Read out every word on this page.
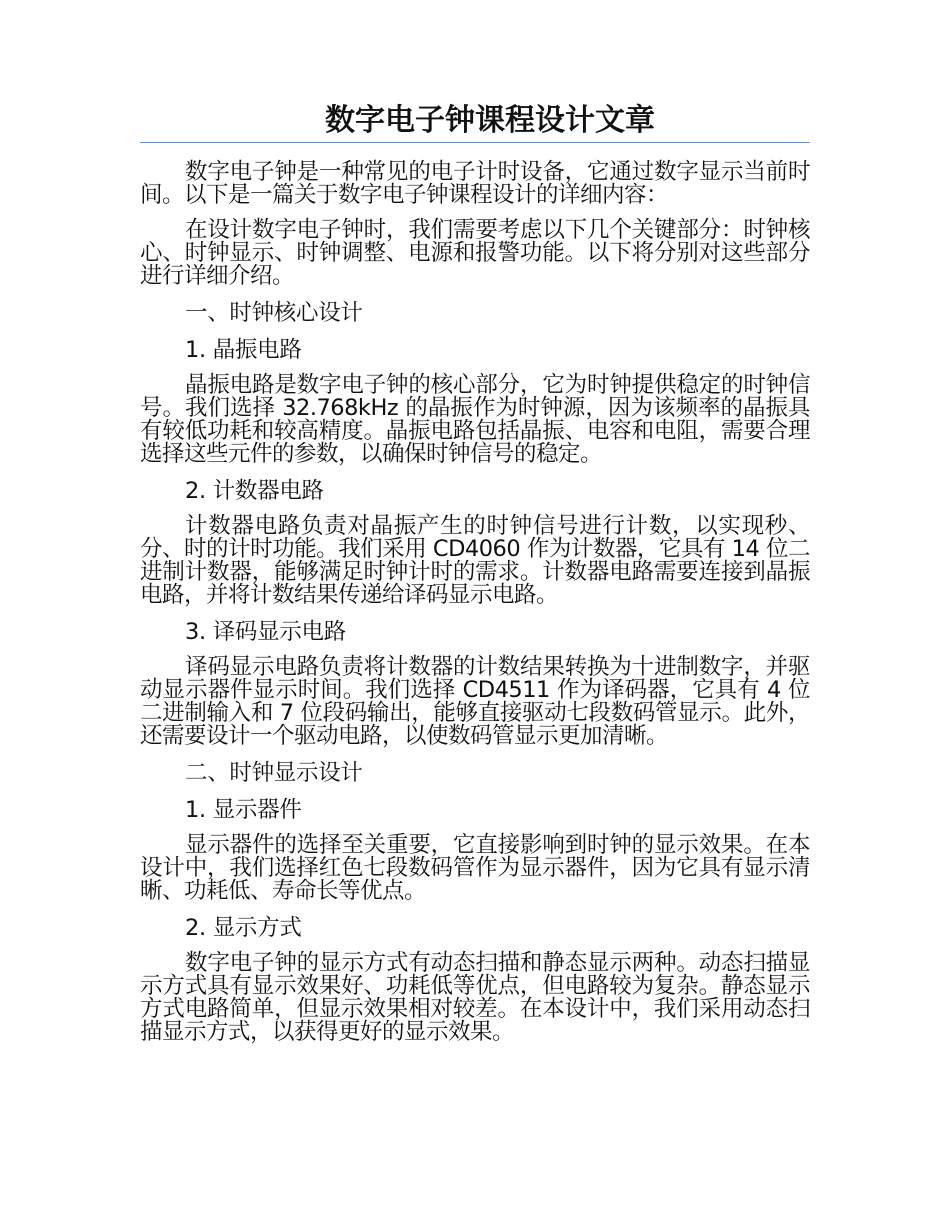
数字电子钟课程设计文章

数字电子钟是一种常见的电子计时设备，它通过数字显示当前时间。以下是一篇关于数字电子钟课程设计的详细内容：

在设计数字电子钟时，我们需要考虑以下几个关键部分：时钟核心、时钟显示、时钟调整、电源和报警功能。以下将分别对这些部分进行详细介绍。

一、时钟核心设计

1. 晶振电路

晶振电路是数字电子钟的核心部分，它为时钟提供稳定的时钟信号。我们选择 32.768kHz 的晶振作为时钟源，因为该频率的晶振具有较低功耗和较高精度。晶振电路包括晶振、电容和电阻，需要合理选择这些元件的参数，以确保时钟信号的稳定。

2. 计数器电路

计数器电路负责对晶振产生的时钟信号进行计数，以实现秒、分、时的计时功能。我们采用 CD4060 作为计数器，它具有 14 位二进制计数器，能够满足时钟计时的需求。计数器电路需要连接到晶振电路，并将计数结果传递给译码显示电路。

3. 译码显示电路

译码显示电路负责将计数器的计数结果转换为十进制数字，并驱动显示器件显示时间。我们选择 CD4511 作为译码器，它具有 4 位二进制输入和 7 位段码输出，能够直接驱动七段数码管显示。此外，还需要设计一个驱动电路，以使数码管显示更加清晰。

二、时钟显示设计

1. 显示器件

显示器件的选择至关重要，它直接影响到时钟的显示效果。在本设计中，我们选择红色七段数码管作为显示器件，因为它具有显示清晰、功耗低、寿命长等优点。

2. 显示方式

数字电子钟的显示方式有动态扫描和静态显示两种。动态扫描显示方式具有显示效果好、功耗低等优点，但电路较为复杂。静态显示方式电路简单，但显示效果相对较差。在本设计中，我们采用动态扫描显示方式，以获得更好的显示效果。
